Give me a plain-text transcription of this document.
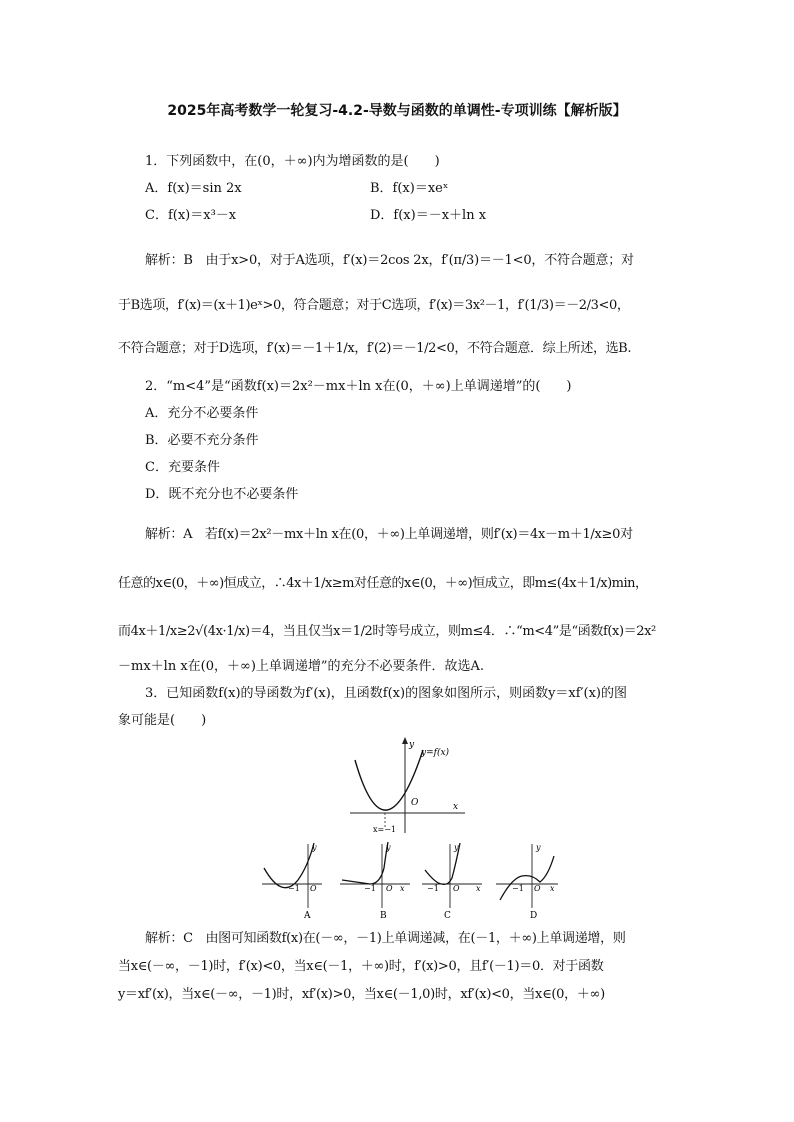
2025年高考数学一轮复习-4.2-导数与函数的单调性-专项训练【解析版】
1．下列函数中，在(0，＋∞)内为增函数的是(　　)
A．f(x)＝sin 2x	B．f(x)＝xeˣ
C．f(x)＝x³－x	D．f(x)＝－x＋ln x
解析：B　由于x>0，对于A选项，f′(x)＝2cos 2x，f′(π/3)＝－1<0，不符合题意；对
于B选项，f′(x)＝(x＋1)eˣ>0，符合题意；对于C选项，f′(x)＝3x²－1，f′(1/3)＝－2/3<0，
不符合题意；对于D选项，f′(x)＝－1＋1/x，f′(2)＝－1/2<0，不符合题意．综上所述，选B.
2．“m<4”是“函数f(x)＝2x²－mx＋ln x在(0，＋∞)上单调递增”的(　　)
A．充分不必要条件
B．必要不充分条件
C．充要条件
D．既不充分也不必要条件
解析：A　若f(x)＝2x²－mx＋ln x在(0，＋∞)上单调递增，则f′(x)＝4x－m＋1/x≥0对
任意的x∈(0，＋∞)恒成立，∴4x＋1/x≥m对任意的x∈(0，＋∞)恒成立，即m≤(4x＋1/x)min，
而4x＋1/x≥2√(4x·1/x)＝4，当且仅当x＝1/2时等号成立，则m≤4．∴“m<4”是“函数f(x)＝2x²
－mx＋ln x在(0，＋∞)上单调递增”的充分不必要条件．故选A.
3．已知函数f(x)的导函数为f′(x)，且函数f(x)的图象如图所示，则函数y＝xf′(x)的图
象可能是(　　)
y
y=f(x)
O	x
x=−1
y
−1 O
A
y
−1 O x
B
y
−1 O x
C
y
−1 O x
D
解析：C　由图可知函数f(x)在(－∞，－1)上单调递减，在(－1，＋∞)上单调递增，则
当x∈(－∞，－1)时，f′(x)<0，当x∈(－1，＋∞)时，f′(x)>0，且f′(－1)＝0．对于函数
y＝xf′(x)，当x∈(－∞，－1)时，xf′(x)>0，当x∈(－1,0)时，xf′(x)<0，当x∈(0，＋∞)
